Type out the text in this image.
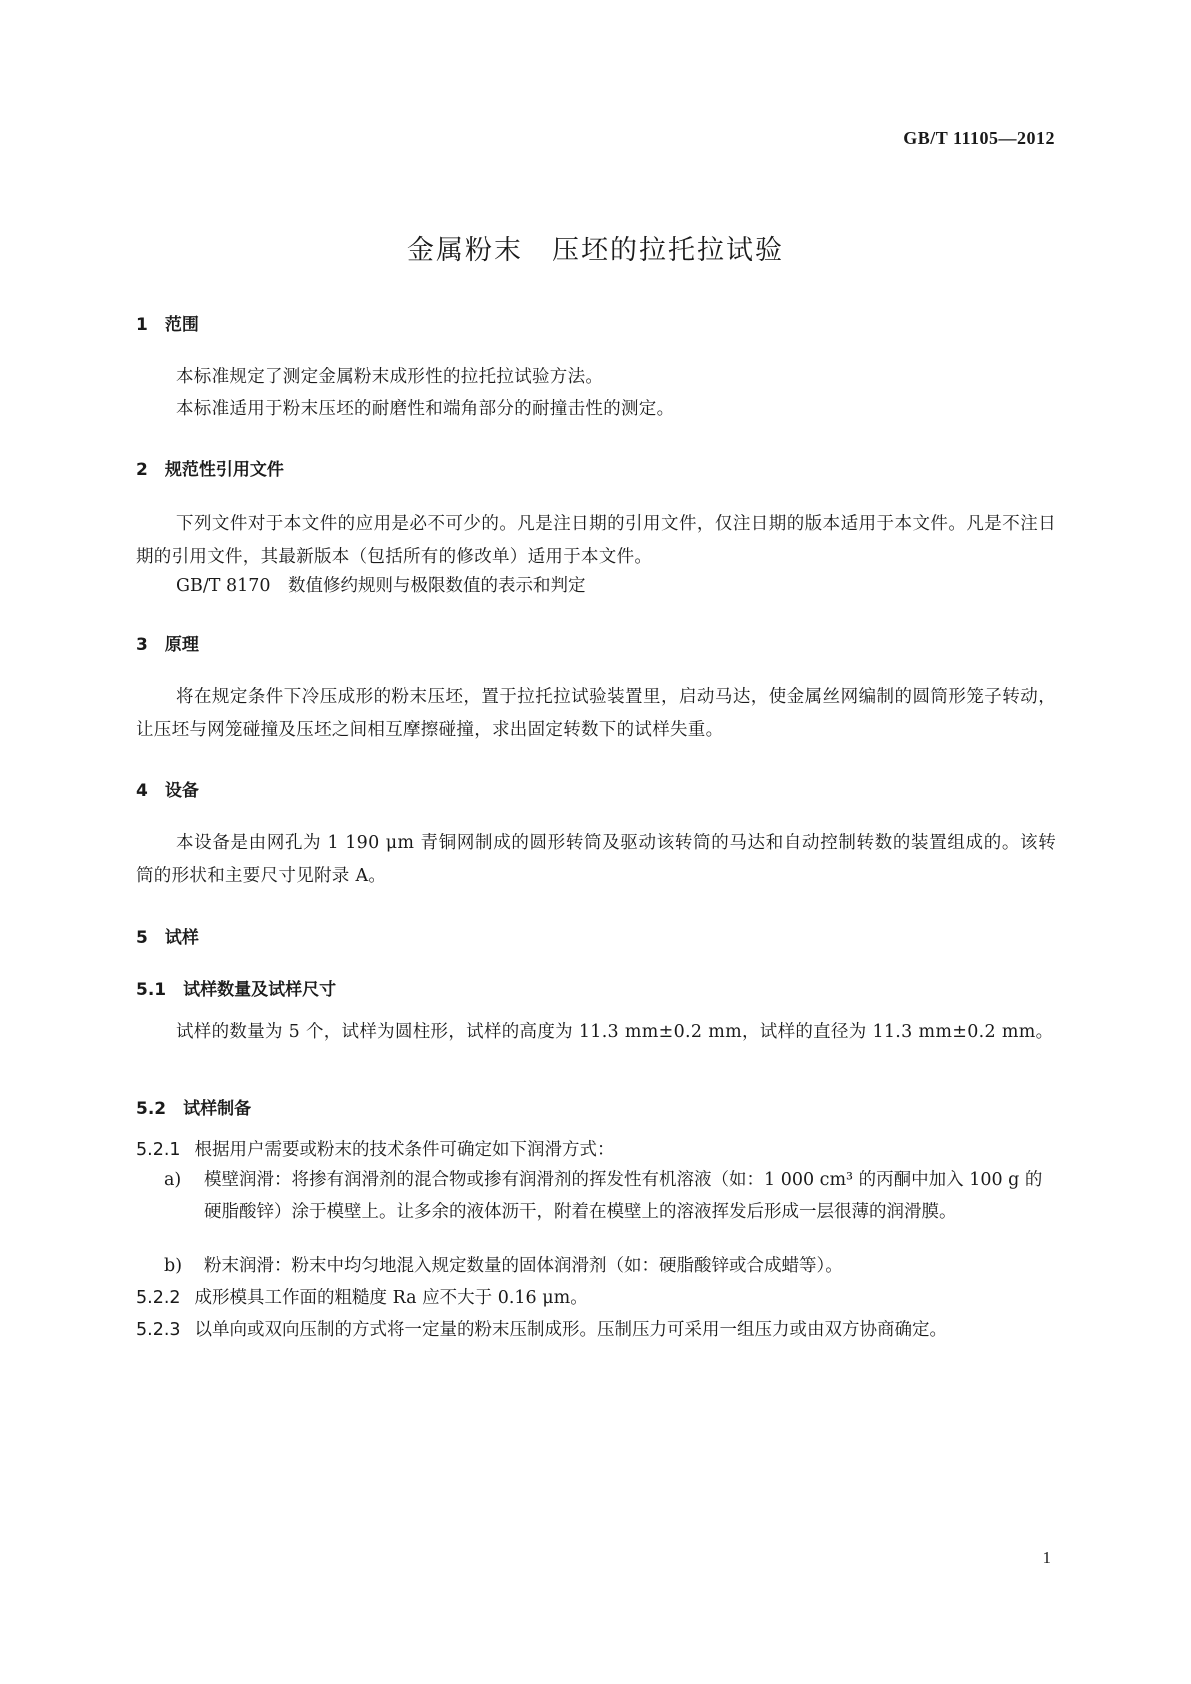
GB/T 11105—2012
金属粉末　压坯的拉托拉试验
1　范围
本标准规定了测定金属粉末成形性的拉托拉试验方法。
本标准适用于粉末压坯的耐磨性和端角部分的耐撞击性的测定。
2　规范性引用文件
下列文件对于本文件的应用是必不可少的。凡是注日期的引用文件，仅注日期的版本适用于本文件。凡是不注日期的引用文件，其最新版本（包括所有的修改单）适用于本文件。
GB/T 8170　数值修约规则与极限数值的表示和判定
3　原理
将在规定条件下冷压成形的粉末压坯，置于拉托拉试验装置里，启动马达，使金属丝网编制的圆筒形笼子转动，让压坯与网笼碰撞及压坯之间相互摩擦碰撞，求出固定转数下的试样失重。
4　设备
本设备是由网孔为 1 190 μm 青铜网制成的圆形转筒及驱动该转筒的马达和自动控制转数的装置组成的。该转筒的形状和主要尺寸见附录 A。
5　试样
5.1　试样数量及试样尺寸
试样的数量为 5 个，试样为圆柱形，试样的高度为 11.3 mm±0.2 mm，试样的直径为 11.3 mm±0.2 mm。
5.2　试样制备
5.2.1 根据用户需要或粉末的技术条件可确定如下润滑方式：
a) 模壁润滑：将掺有润滑剂的混合物或掺有润滑剂的挥发性有机溶液（如：1 000 cm³ 的丙酮中加入 100 g 的硬脂酸锌）涂于模壁上。让多余的液体沥干，附着在模壁上的溶液挥发后形成一层很薄的润滑膜。
b) 粉末润滑：粉末中均匀地混入规定数量的固体润滑剂（如：硬脂酸锌或合成蜡等）。
5.2.2 成形模具工作面的粗糙度 Ra 应不大于 0.16 μm。
5.2.3 以单向或双向压制的方式将一定量的粉末压制成形。压制压力可采用一组压力或由双方协商确定。
1
